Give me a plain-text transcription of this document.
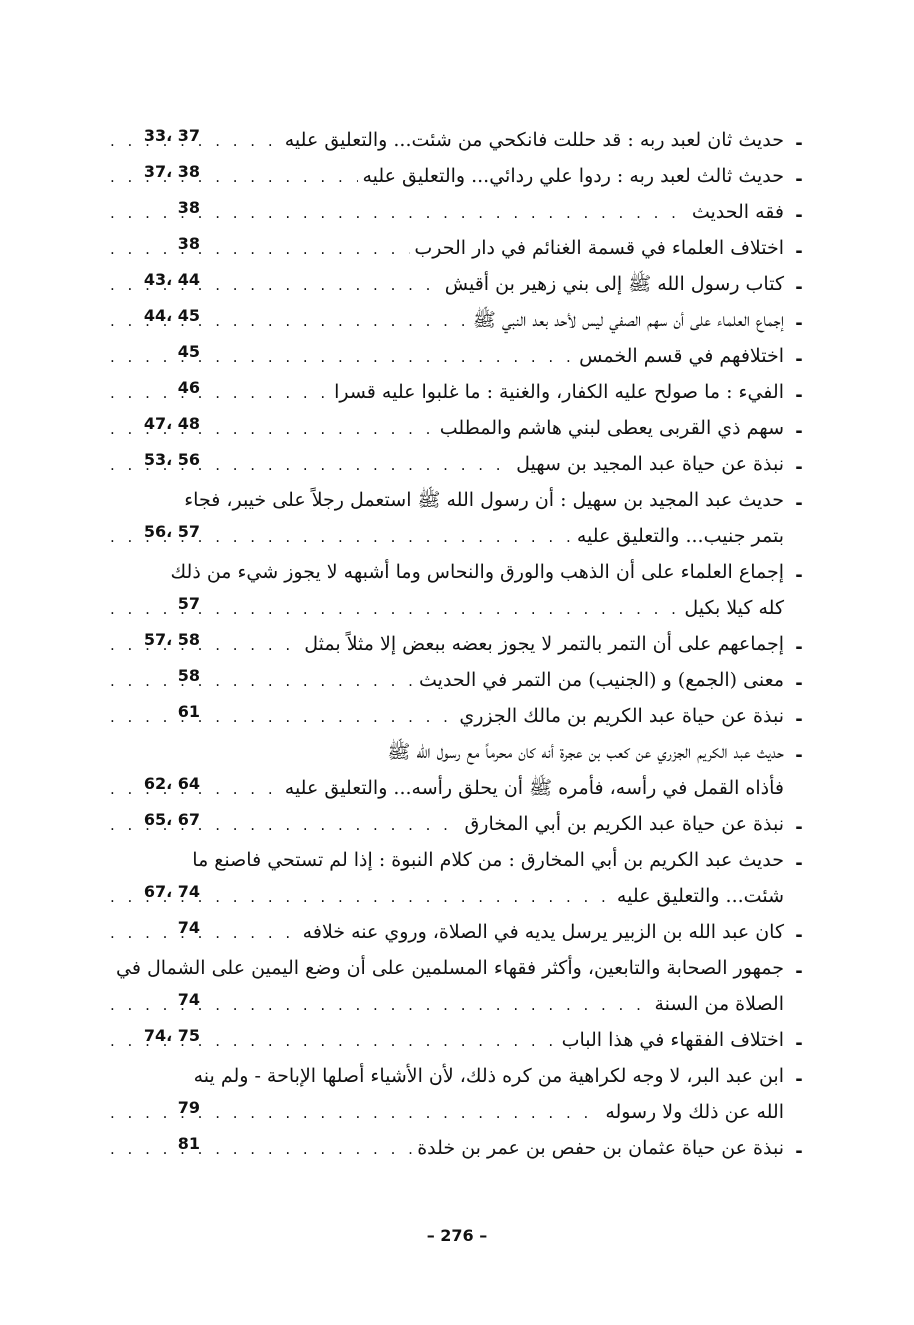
-
حديث ثان لعبد ربه : قد حللت فانكحي من شئت... والتعليق عليه
. . .
33، 37
-
حديث ثالث لعبد ربه : ردوا علي ردائي... والتعليق عليه
. . .
37، 38
-
فقه الحديث
. . .
38
-
اختلاف العلماء في قسمة الغنائم في دار الحرب
. . .
38
-
كتاب رسول الله ﷺ إلى بني زهير بن أقيش
. . .
43، 44
-
إجماع العلماء على أن سهم الصفي ليس لأحد بعد النبي ﷺ
. . .
44، 45
-
اختلافهم في قسم الخمس
. . .
45
-
الفيء : ما صولح عليه الكفار، والغنية : ما غلبوا عليه قسرا
. . .
46
-
سهم ذي القربى يعطى لبني هاشم والمطلب
. . .
47، 48
-
نبذة عن حياة عبد المجيد بن سهيل
. . .
53، 56
-
حديث عبد المجيد بن سهيل : أن رسول الله ﷺ استعمل رجلاً على خيبر، فجاء
بتمر جنيب... والتعليق عليه
. . .
56، 57
-
إجماع العلماء على أن الذهب والورق والنحاس وما أشبهه لا يجوز شيء من ذلك
كله كيلا بكيل
. . .
57
-
إجماعهم على أن التمر بالتمر لا يجوز بعضه ببعض إلا مثلاً بمثل
. . .
57، 58
-
معنى (الجمع) و (الجنيب) من التمر في الحديث
. . .
58
-
نبذة عن حياة عبد الكريم بن مالك الجزري
. . .
61
-
حديث عبد الكريم الجزري عن كعب بن عجرة أنه كان محرماً مع رسول الله ﷺ
فأذاه القمل في رأسه، فأمره ﷺ أن يحلق رأسه... والتعليق عليه
. . .
62، 64
-
نبذة عن حياة عبد الكريم بن أبي المخارق
. . .
65، 67
-
حديث عبد الكريم بن أبي المخارق : من كلام النبوة : إذا لم تستحي فاصنع ما
شئت... والتعليق عليه
. . .
67، 74
-
كان عبد الله بن الزبير يرسل يديه في الصلاة، وروي عنه خلافه
. . .
74
-
جمهور الصحابة والتابعين، وأكثر فقهاء المسلمين على أن وضع اليمين على الشمال في
الصلاة من السنة
. . .
74
-
اختلاف الفقهاء في هذا الباب
. . .
74، 75
-
ابن عبد البر، لا وجه لكراهية من كره ذلك، لأن الأشياء أصلها الإباحة - ولم ينه
الله عن ذلك ولا رسوله
. . .
79
-
نبذة عن حياة عثمان بن حفص بن عمر بن خلدة
. . .
81
– 276 –
